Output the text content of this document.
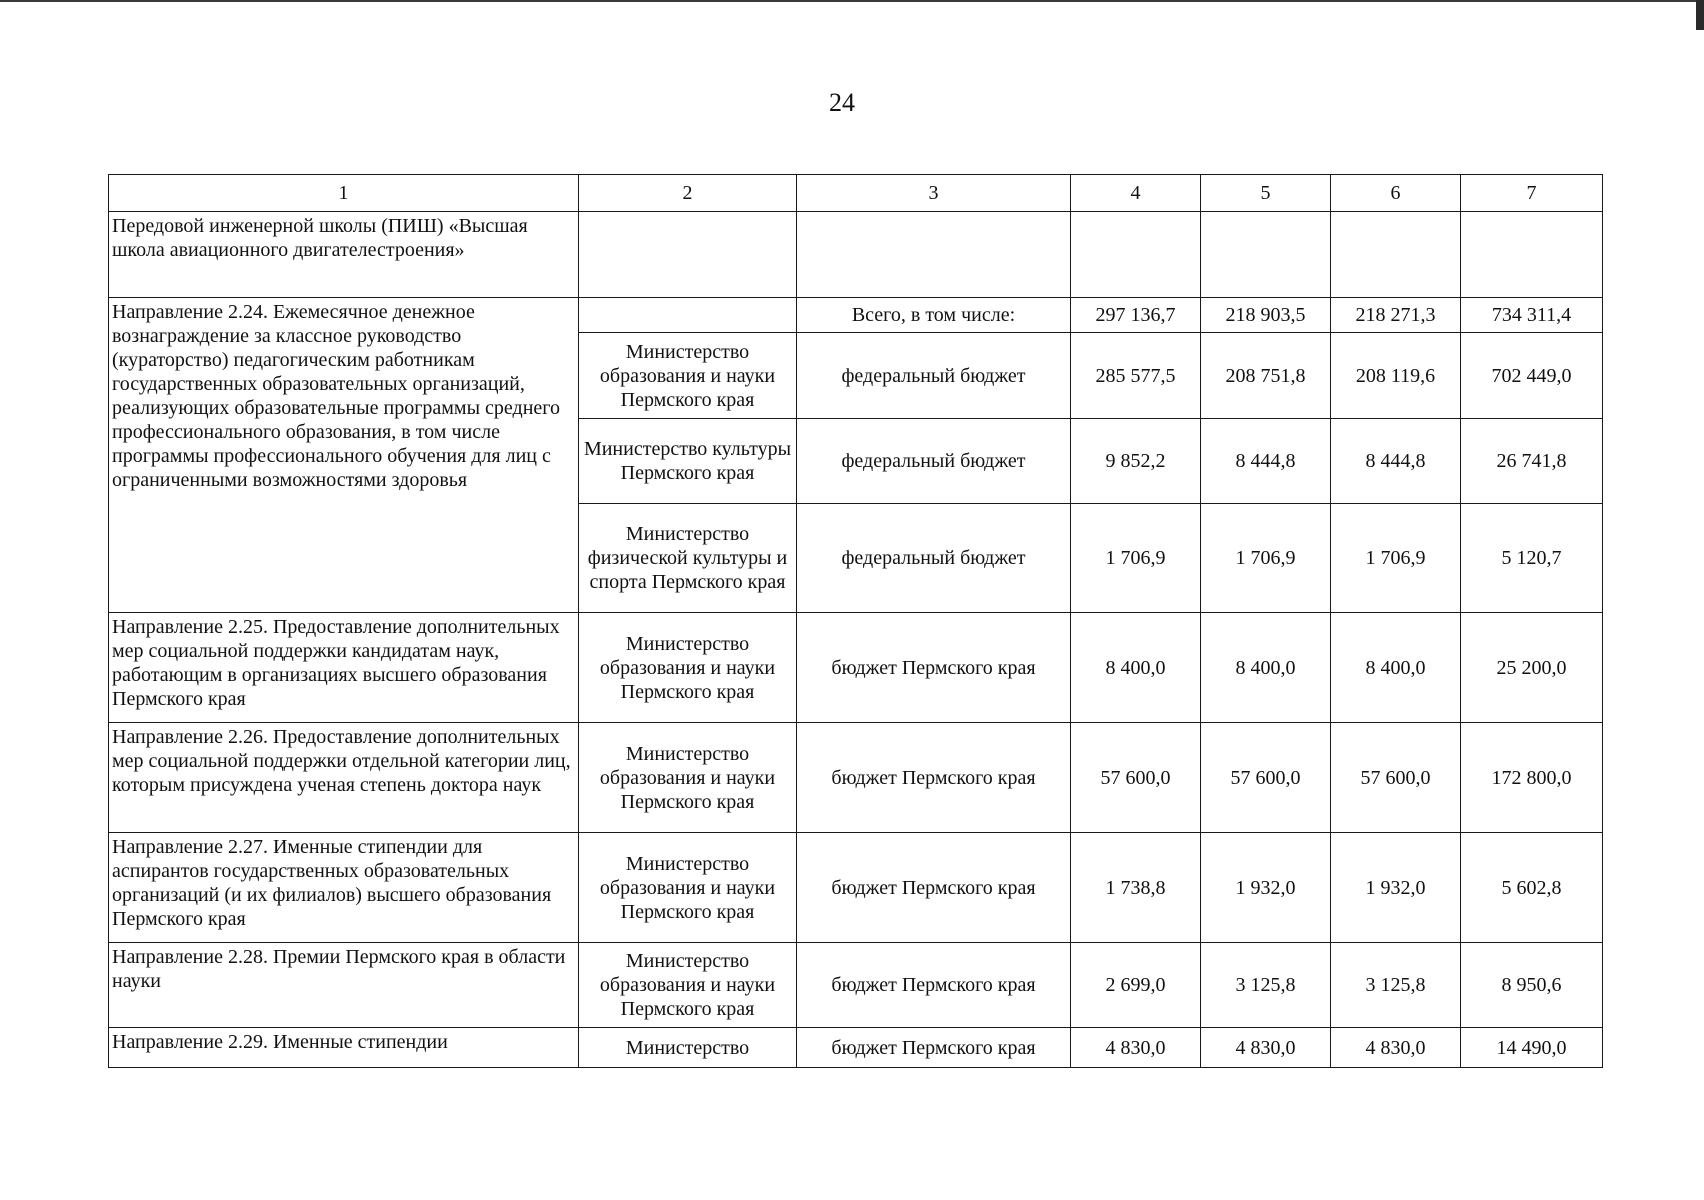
24
1	2	3	4	5	6	7
Передовой инженерной школы (ПИШ) «Высшая школа авиационного двигателестроения»						
Направление 2.24. Ежемесячное денежное вознаграждение за классное руководство (кураторство) педагогическим работникам государственных образовательных организаций, реализующих образовательные программы среднего профессионального образования, в том числе программы профессионального обучения для лиц с ограниченными возможностями здоровья		Всего, в том числе:	297 136,7	218 903,5	218 271,3	734 311,4
	Министерство образования и науки Пермского края	федеральный бюджет	285 577,5	208 751,8	208 119,6	702 449,0
	Министерство культуры Пермского края	федеральный бюджет	9 852,2	8 444,8	8 444,8	26 741,8
	Министерство физической культуры и спорта Пермского края	федеральный бюджет	1 706,9	1 706,9	1 706,9	5 120,7
Направление 2.25. Предоставление дополнительных мер социальной поддержки кандидатам наук, работающим в организациях высшего образования Пермского края	Министерство образования и науки Пермского края	бюджет Пермского края	8 400,0	8 400,0	8 400,0	25 200,0
Направление 2.26. Предоставление дополнительных мер социальной поддержки отдельной категории лиц, которым присуждена ученая степень доктора наук	Министерство образования и науки Пермского края	бюджет Пермского края	57 600,0	57 600,0	57 600,0	172 800,0
Направление 2.27. Именные стипендии для аспирантов государственных образовательных организаций (и их филиалов) высшего образования Пермского края	Министерство образования и науки Пермского края	бюджет Пермского края	1 738,8	1 932,0	1 932,0	5 602,8
Направление 2.28. Премии Пермского края в области науки	Министерство образования и науки Пермского края	бюджет Пермского края	2 699,0	3 125,8	3 125,8	8 950,6
Направление 2.29. Именные стипендии	Министерство	бюджет Пермского края	4 830,0	4 830,0	4 830,0	14 490,0
